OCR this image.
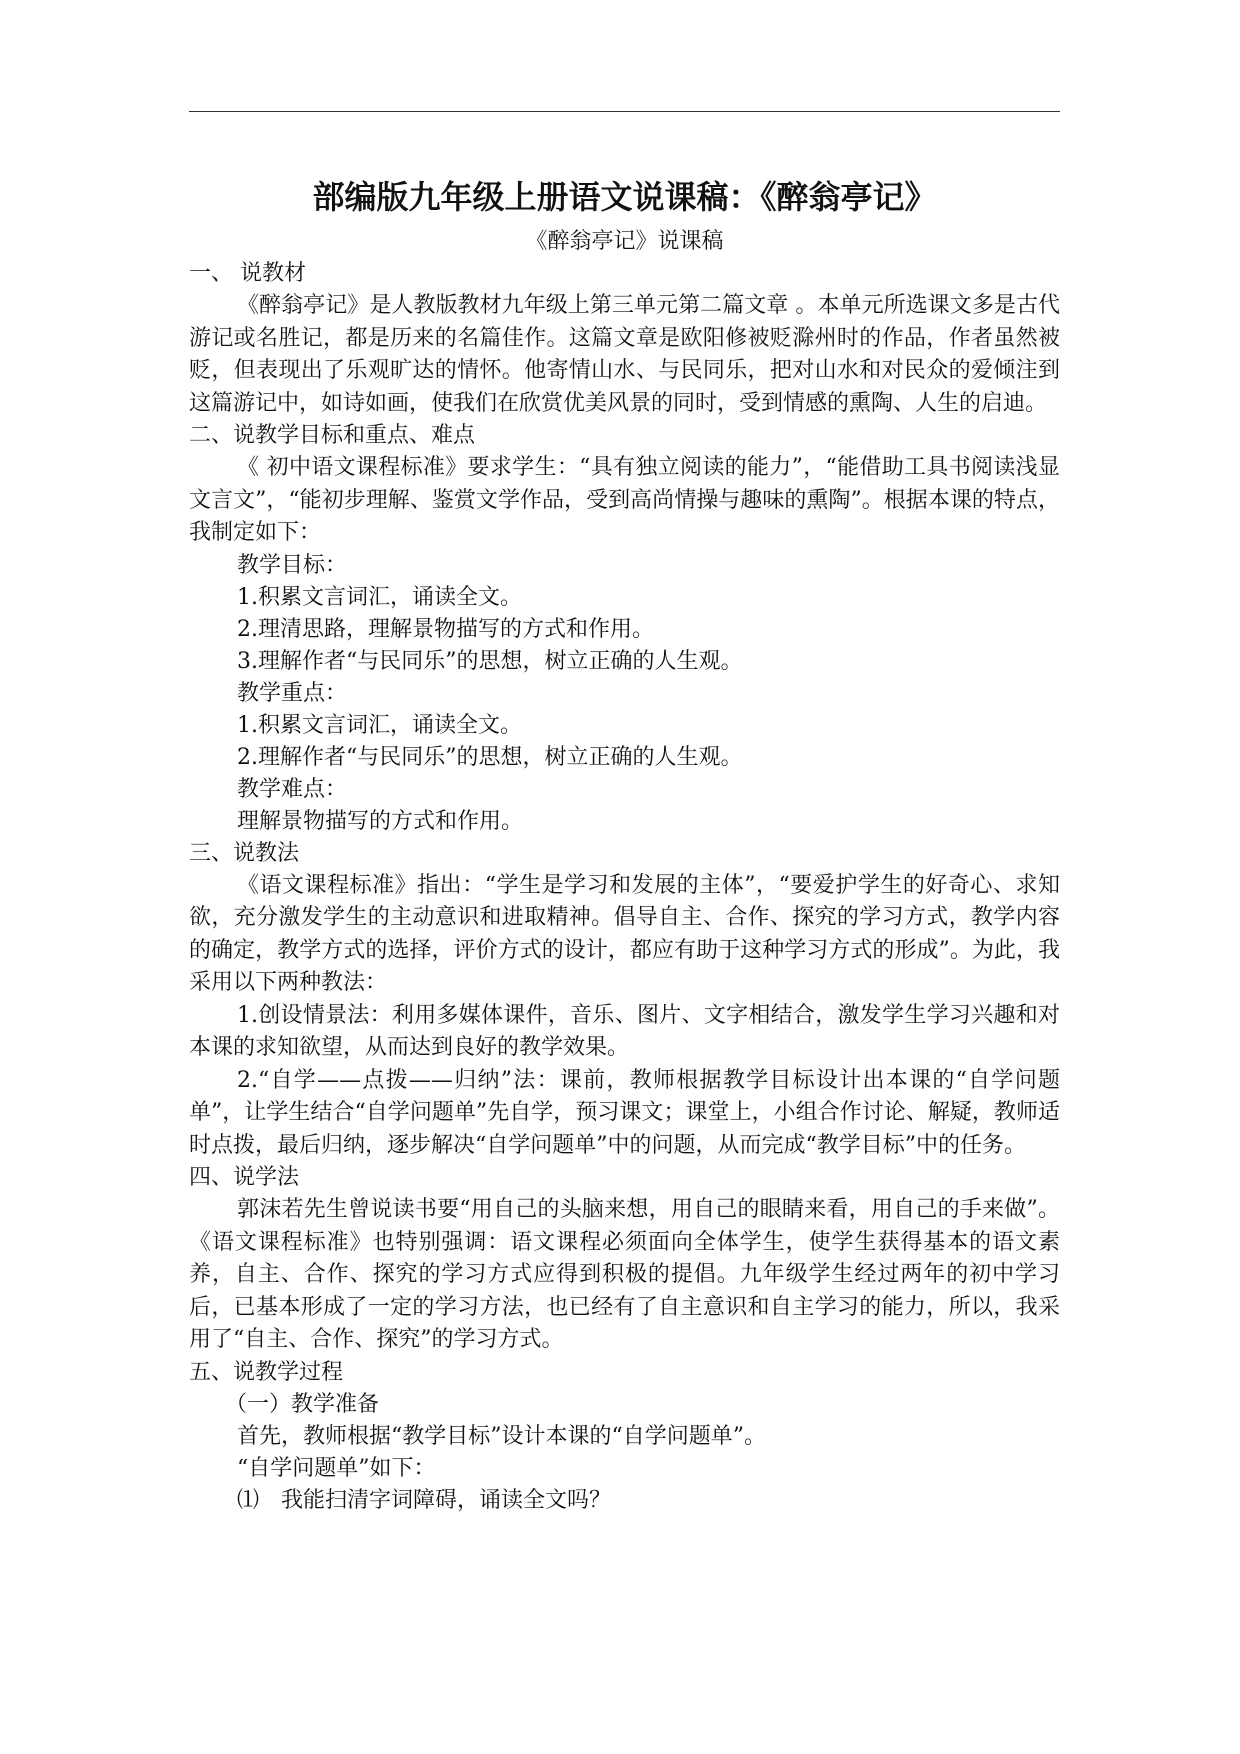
部编版九年级上册语文说课稿：《醉翁亭记》

《醉翁亭记》说课稿

一、 说教材

《醉翁亭记》是人教版教材九年级上第三单元第二篇文章 。本单元所选课文多是古代游记或名胜记，都是历来的名篇佳作。这篇文章是欧阳修被贬滁州时的作品，作者虽然被贬，但表现出了乐观旷达的情怀。他寄情山水、与民同乐，把对山水和对民众的爱倾注到这篇游记中，如诗如画，使我们在欣赏优美风景的同时，受到情感的熏陶、人生的启迪。

二、说教学目标和重点、难点

《 初中语文课程标准》要求学生：“具有独立阅读的能力”，“能借助工具书阅读浅显文言文”，“能初步理解、鉴赏文学作品，受到高尚情操与趣味的熏陶”。根据本课的特点，我制定如下：

教学目标：

1.积累文言词汇，诵读全文。

2.理清思路，理解景物描写的方式和作用。

3.理解作者“与民同乐”的思想，树立正确的人生观。

教学重点：

1.积累文言词汇，诵读全文。

2.理解作者“与民同乐”的思想，树立正确的人生观。

教学难点：

理解景物描写的方式和作用。

三、说教法

《语文课程标准》指出：“学生是学习和发展的主体”，“要爱护学生的好奇心、求知欲，充分激发学生的主动意识和进取精神。倡导自主、合作、探究的学习方式，教学内容的确定，教学方式的选择，评价方式的设计，都应有助于这种学习方式的形成”。为此，我采用以下两种教法：

1.创设情景法：利用多媒体课件，音乐、图片、文字相结合，激发学生学习兴趣和对本课的求知欲望，从而达到良好的教学效果。

2.“自学——点拨——归纳”法：课前，教师根据教学目标设计出本课的“自学问题单”，让学生结合“自学问题单”先自学，预习课文；课堂上，小组合作讨论、解疑，教师适时点拨，最后归纳，逐步解决“自学问题单”中的问题，从而完成“教学目标”中的任务。

四、说学法

郭沫若先生曾说读书要“用自己的头脑来想，用自己的眼睛来看，用自己的手来做”。《语文课程标准》也特别强调：语文课程必须面向全体学生，使学生获得基本的语文素养，自主、合作、探究的学习方式应得到积极的提倡。九年级学生经过两年的初中学习后，已基本形成了一定的学习方法，也已经有了自主意识和自主学习的能力，所以，我采用了“自主、合作、探究”的学习方式。

五、说教学过程

（一）教学准备

首先，教师根据“教学目标”设计本课的“自学问题单”。

“自学问题单”如下：

⑴　我能扫清字词障碍，诵读全文吗？
